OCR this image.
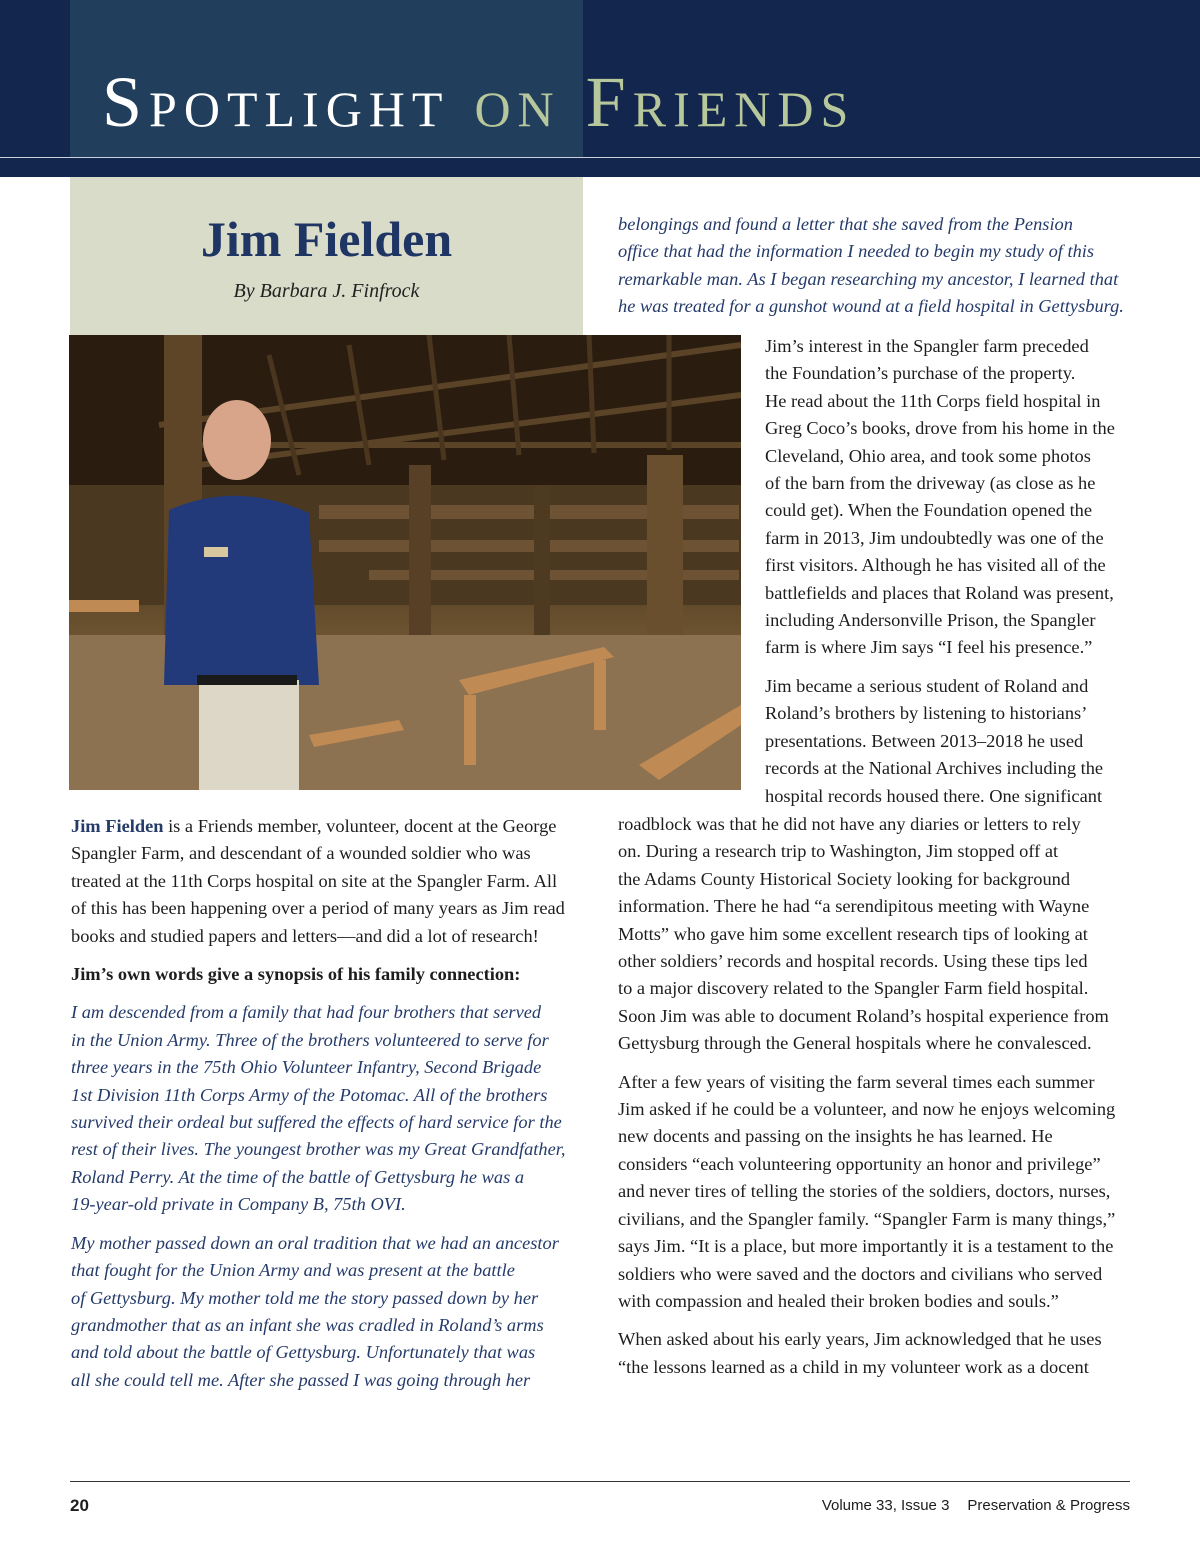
Spotlight on Friends
Jim Fielden
By Barbara J. Finfrock
belongings and found a letter that she saved from the Pension
office that had the information I needed to begin my study of this
remarkable man. As I began researching my ancestor, I learned that
he was treated for a gunshot wound at a field hospital in Gettysburg.
Jim’s interest in the Spangler farm preceded
the Foundation’s purchase of the property.
He read about the 11th Corps field hospital in
Greg Coco’s books, drove from his home in the
Cleveland, Ohio area, and took some photos
of the barn from the driveway (as close as he
could get). When the Foundation opened the
farm in 2013, Jim undoubtedly was one of the
first visitors. Although he has visited all of the
battlefields and places that Roland was present,
including Andersonville Prison, the Spangler
farm is where Jim says “I feel his presence.”
Jim became a serious student of Roland and
Roland’s brothers by listening to historians’
presentations. Between 2013–2018 he used
records at the National Archives including the
hospital records housed there. One significant

roadblock was that he did not have any diaries or letters to rely
on. During a research trip to Washington, Jim stopped off at
the Adams County Historical Society looking for background
information. There he had “a serendipitous meeting with Wayne
Motts” who gave him some excellent research tips of looking at
other soldiers’ records and hospital records. Using these tips led
to a major discovery related to the Spangler Farm field hospital.
Soon Jim was able to document Roland’s hospital experience from
Gettysburg through the General hospitals where he convalesced.

After a few years of visiting the farm several times each summer
Jim asked if he could be a volunteer, and now he enjoys welcoming
new docents and passing on the insights he has learned. He
considers “each volunteering opportunity an honor and privilege”
and never tires of telling the stories of the soldiers, doctors, nurses,
civilians, and the Spangler family. “Spangler Farm is many things,”
says Jim. “It is a place, but more importantly it is a testament to the
soldiers who were saved and the doctors and civilians who served
with compassion and healed their broken bodies and souls.”

When asked about his early years, Jim acknowledged that he uses
“the lessons learned as a child in my volunteer work as a docent

Jim Fielden is a Friends member, volunteer, docent at the George
Spangler Farm, and descendant of a wounded soldier who was
treated at the 11th Corps hospital on site at the Spangler Farm. All
of this has been happening over a period of many years as Jim read
books and studied papers and letters—and did a lot of research!

Jim’s own words give a synopsis of his family connection:

I am descended from a family that had four brothers that served
in the Union Army. Three of the brothers volunteered to serve for
three years in the 75th Ohio Volunteer Infantry, Second Brigade
1st Division 11th Corps Army of the Potomac. All of the brothers
survived their ordeal but suffered the effects of hard service for the
rest of their lives. The youngest brother was my Great Grandfather,
Roland Perry. At the time of the battle of Gettysburg he was a
19-year-old private in Company B, 75th OVI.

My mother passed down an oral tradition that we had an ancestor
that fought for the Union Army and was present at the battle
of Gettysburg. My mother told me the story passed down by her
grandmother that as an infant she was cradled in Roland’s arms
and told about the battle of Gettysburg. Unfortunately that was
all she could tell me. After she passed I was going through her

20	Volume 33, Issue 3 Preservation & Progress
